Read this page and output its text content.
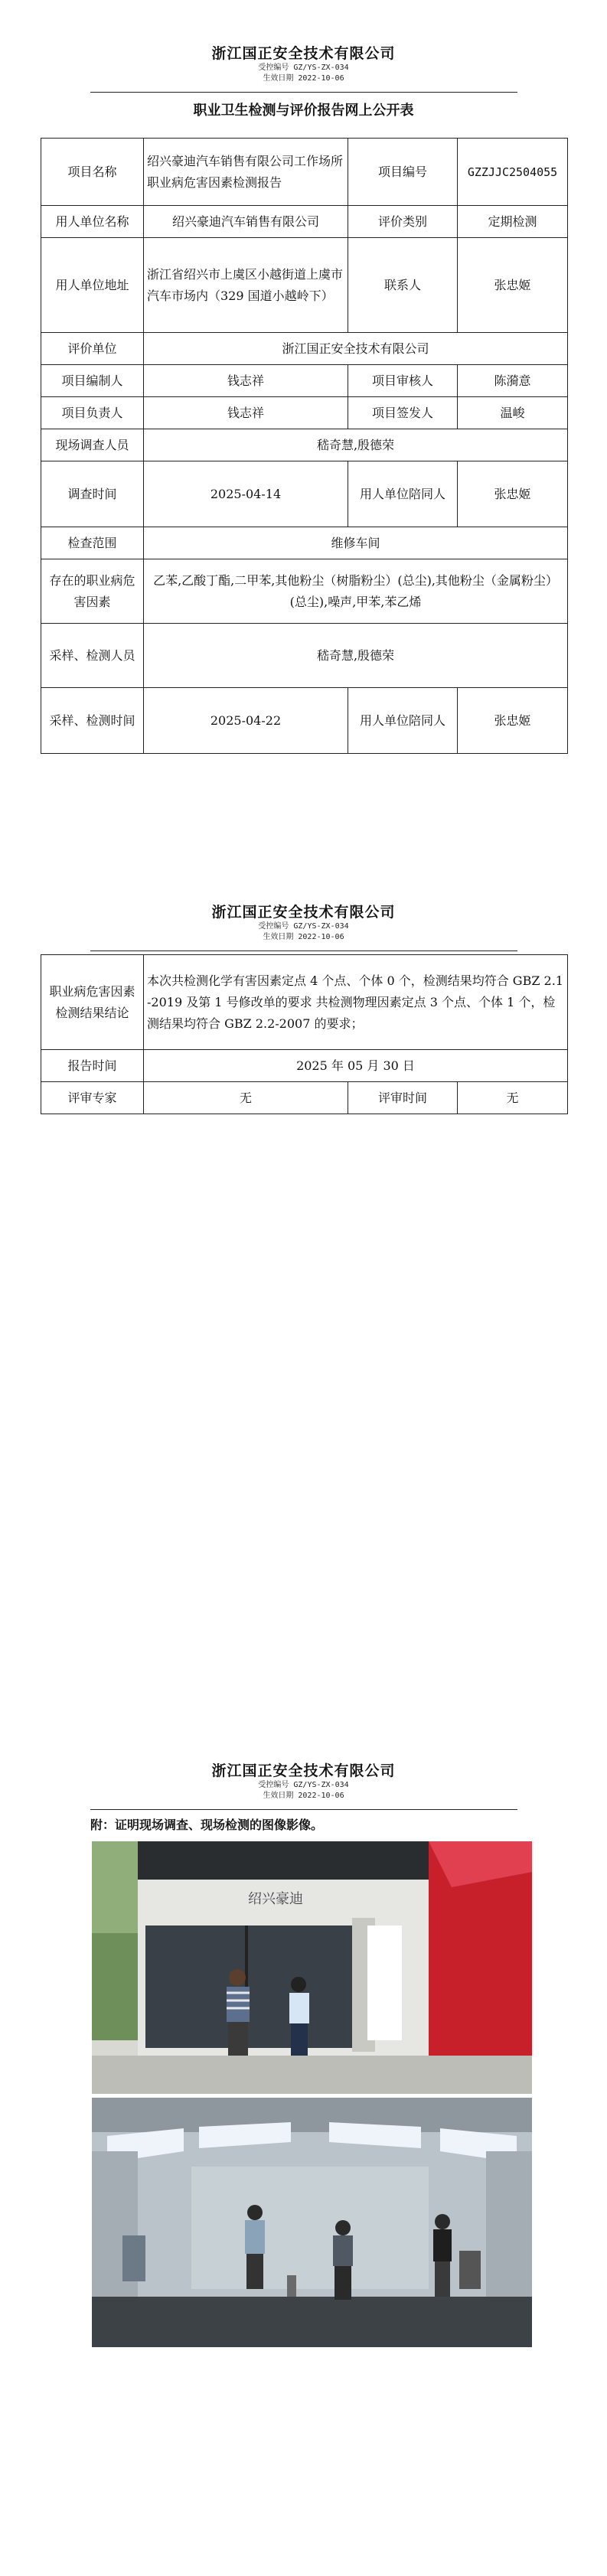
浙江国正安全技术有限公司
受控编号 GZ/YS-ZX-034
生效日期 2022-10-06
职业卫生检测与评价报告网上公开表
项目名称	绍兴豪迪汽车销售有限公司工作场所职业病危害因素检测报告	项目编号	GZZJJC2504055
用人单位名称	绍兴豪迪汽车销售有限公司	评价类别	定期检测
用人单位地址	浙江省绍兴市上虞区小越街道上虞市汽车市场内（329 国道小越岭下）	联系人	张忠姬
评价单位	浙江国正安全技术有限公司		
项目编制人	钱志祥	项目审核人	陈漪意
项目负责人	钱志祥	项目签发人	温峻
现场调查人员	嵇奇慧,殷德荣		
调查时间	2025-04-14	用人单位陪同人	张忠姬
检查范围	维修车间		
存在的职业病危害因素	乙苯,乙酸丁酯,二甲苯,其他粉尘（树脂粉尘）(总尘),其他粉尘（金属粉尘）(总尘),噪声,甲苯,苯乙烯		
采样、检测人员	嵇奇慧,殷德荣		
采样、检测时间	2025-04-22	用人单位陪同人	张忠姬
浙江国正安全技术有限公司
受控编号 GZ/YS-ZX-034
生效日期 2022-10-06
职业病危害因素检测结果结论	本次共检测化学有害因素定点 4 个点、个体 0 个，检测结果均符合 GBZ 2.1-2019 及第 1 号修改单的要求 共检测物理因素定点 3 个点、个体 1 个，检测结果均符合 GBZ 2.2-2007 的要求；		
报告时间	2025 年 05 月 30 日		
评审专家	无	评审时间	无
浙江国正安全技术有限公司
受控编号 GZ/YS-ZX-034
生效日期 2022-10-06
附：证明现场调查、现场检测的图像影像。
绍兴豪迪
